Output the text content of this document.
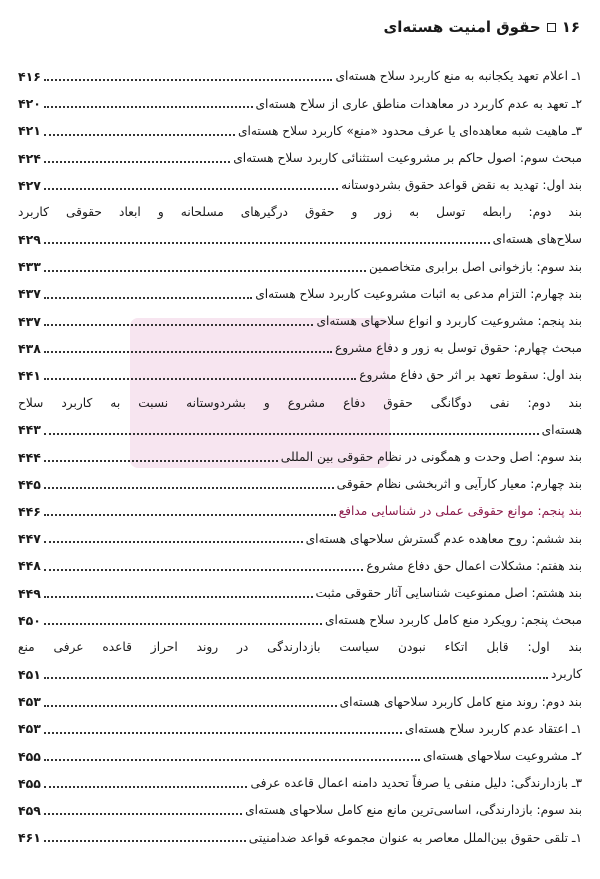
۱۶
حقوق امنیت هسته‌ای
۱ـ اعلام تعهد یکجانبه به منع کاربرد سلاح هسته‌ای
۴۱۶
۲ـ تعهد به عدم کاربرد در معاهدات مناطق عاری از سلاح هسته‌ای
۴۲۰
۳ـ ماهیت شبه معاهده‌ای یا عرف محدود «منع» کاربرد سلاح هسته‌ای
۴۲۱
مبحث سوم: اصول حاکم بر مشروعیت استثنائی کاربرد سلاح هسته‌ای
۴۲۴
بند اول: تهدید به نقض قواعد حقوق بشردوستانه
۴۲۷
بند دوم: رابطه توسل به زور و حقوق درگیرهای مسلحانه و ابعاد حقوقی کاربرد
سلاح‌های هسته‌ای
۴۲۹
بند سوم: بازخوانی اصل برابری متخاصمین
۴۳۳
بند چهارم: التزام مدعی به اثبات مشروعیت کاربرد سلاح هسته‌ای
۴۳۷
بند پنجم: مشروعیت کاربرد و انواع سلاحهای هسته‌ای
۴۳۷
مبحث چهارم: حقوق توسل به زور و دفاع مشروع
۴۳۸
بند اول: سقوط تعهد بر اثر حق دفاع مشروع
۴۴۱
بند دوم: نفی دوگانگی حقوق دفاع مشروع و بشردوستانه نسبت به کاربرد سلاح
هسته‌ای
۴۴۳
بند سوم: اصل وحدت و همگونی در نظام حقوقی بین المللی
۴۴۴
بند چهارم: معیار کارآیی و اثربخشی نظام حقوقی
۴۴۵
بند پنجم: موانع حقوقی عملی در شناسایی مدافع
۴۴۶
بند ششم: روح معاهده عدم گسترش سلاحهای هسته‌ای
۴۴۷
بند هفتم: مشکلات اعمال حق دفاع مشروع
۴۴۸
بند هشتم: اصل ممنوعیت شناسایی آثار حقوقی مثبت
۴۴۹
مبحث پنجم: رویکرد منع کامل کاربرد سلاح هسته‌ای
۴۵۰
بند اول: قابل اتکاء نبودن سیاست بازدارندگی در روند احراز قاعده عرفی منع
کاربرد
۴۵۱
بند دوم: روند منع کامل کاربرد سلاحهای هسته‌ای
۴۵۳
۱ـ اعتقاد عدم کاربرد سلاح هسته‌ای
۴۵۳
۲ـ مشروعیت سلاحهای هسته‌ای
۴۵۵
۳ـ بازدارندگی: دلیل منفی یا صرفاً تحدید دامنه اعمال قاعده عرفی
۴۵۵
بند سوم: بازدارندگی، اساسی‌ترین مانع منع کامل سلاحهای هسته‌ای
۴۵۹
۱ـ تلقی حقوق بین‌الملل معاصر به عنوان مجموعه قواعد ضدامنیتی
۴۶۱
